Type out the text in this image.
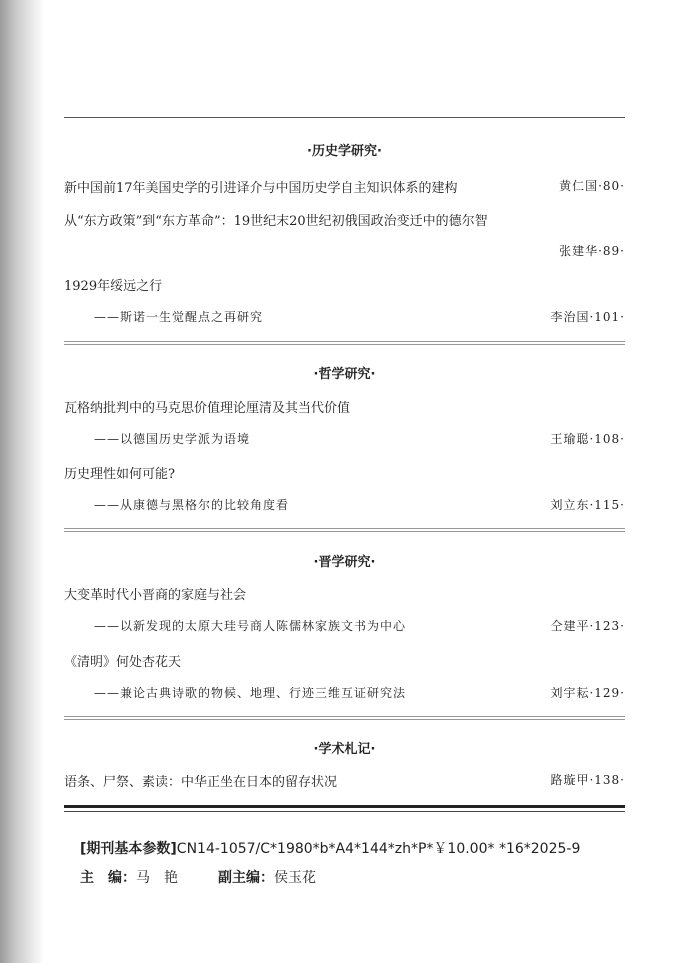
·历史学研究·
新中国前17年美国史学的引进译介与中国历史学自主知识体系的建构	黄仁国·80·
从“东方政策”到“东方革命”：19世纪末20世纪初俄国政治变迁中的德尔智
张建华·89·
1929年绥远之行
——斯诺一生觉醒点之再研究	李治国·101·
·哲学研究·
瓦格纳批判中的马克思价值理论厘清及其当代价值
——以德国历史学派为语境	王瑜聪·108·
历史理性如何可能?
——从康德与黑格尔的比较角度看	刘立东·115·
·晋学研究·
大变革时代小晋商的家庭与社会
——以新发现的太原大珪号商人陈儒林家族文书为中心	仝建平·123·
《清明》何处杏花天
——兼论古典诗歌的物候、地理、行迹三维互证研究法	刘宇耘·129·
·学术札记·
语条、尸祭、素读：中华正坐在日本的留存状况	路璇甲·138·
[期刊基本参数]CN14-1057/C*1980*b*A4*144*zh*P*￥10.00* *16*2025-9
主　编：马　艳	副主编：侯玉花
